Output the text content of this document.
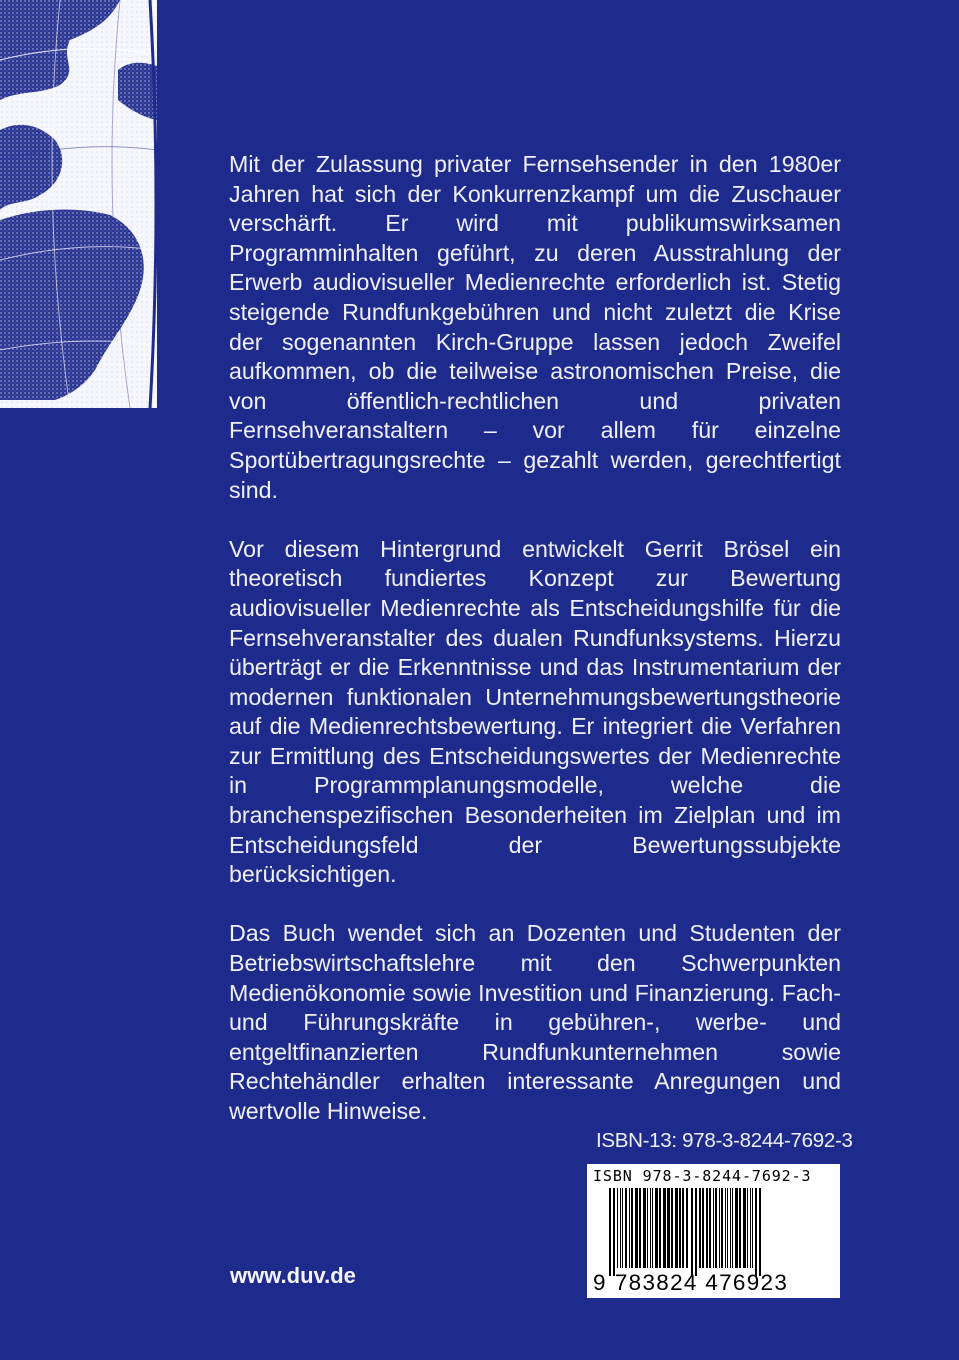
Mit der Zulassung privater Fernsehsender in den 1980er Jahren hat sich der Konkurrenzkampf um die Zuschauer verschärft. Er wird mit publikumswirksamen Programminhalten geführt, zu deren Ausstrahlung der Erwerb audiovisueller Medienrechte erforderlich ist. Stetig steigende Rundfunkgebühren und nicht zuletzt die Krise der sogenannten Kirch-Gruppe lassen jedoch Zweifel aufkommen, ob die teilweise astronomischen Preise, die von öffentlich-rechtlichen und privaten Fernsehveranstaltern – vor allem für einzelne Sportübertragungsrechte – gezahlt werden, gerechtfertigt sind.

Vor diesem Hintergrund entwickelt Gerrit Brösel ein theoretisch fundiertes Konzept zur Bewertung audiovisueller Medienrechte als Entscheidungshilfe für die Fernsehveranstalter des dualen Rundfunksystems. Hierzu überträgt er die Erkenntnisse und das Instrumentarium der modernen funktionalen Unternehmungsbewertungstheorie auf die Medienrechtsbewertung. Er integriert die Verfahren zur Ermittlung des Entscheidungswertes der Medienrechte in Programmplanungsmodelle, welche die branchenspezifischen Besonderheiten im Zielplan und im Entscheidungsfeld der Bewertungssubjekte berücksichtigen.

Das Buch wendet sich an Dozenten und Studenten der Betriebswirtschaftslehre mit den Schwerpunkten Medienökonomie sowie Investition und Finanzierung. Fach- und Führungskräfte in gebühren-, werbe- und entgeltfinanzierten Rundfunkunternehmen sowie Rechtehändler erhalten interessante Anregungen und wertvolle Hinweise.

ISBN-13: 978-3-8244-7692-3
ISBN 978-3-8244-7692-3
9 783824 476923
www.duv.de
